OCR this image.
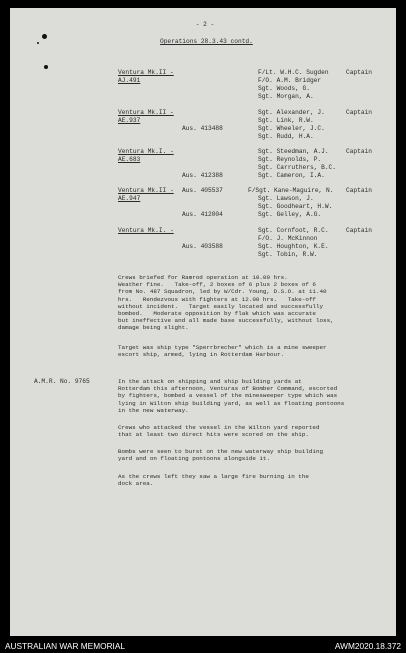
- 2 -
Operations 28.3.43 contd.
Ventura Mk.II -
AJ.491
F/Lt. W.H.C. Sugden
F/O. A.M. Bridger
Sgt. Woods, G.
Sgt. Morgan, A.
Captain
Ventura Mk.II -
AE.937
Aus. 413488
Sgt. Alexander, J.
Sgt. Link, R.W.
Sgt. Wheeler, J.C.
Sgt. Rudd, H.A.
Captain
Ventura Mk.I. -
AE.683
Aus. 412388
Sgt. Steedman, A.J.
Sgt. Reynolds, P.
Sgt. Carruthers, B.C.
Sgt. Cameron, I.A.
Captain
Ventura Mk.II -
AE.947
Aus. 405537
Aus. 412004
F/Sgt. Kane-Maguire, N.
Sgt. Lawson, J.
Sgt. Goodheart, H.W.
Sgt. Gelley, A.G.
Captain
Ventura Mk.I. -
Aus. 403588
Sgt. Cornfoot, R.C.
F/O. J. McKinnon
Sgt. Houghton, K.E.
Sgt. Tobin, R.W.
Captain
Crews briefed for Ramrod operation at 10.00 hrs.
Weather fine.   Take-off, 2 boxes of 6 plus 2 boxes of 6
from No. 487 Squadron, led by W/Cdr. Young, D.S.O. at 11.40
hrs.   Rendezvous with fighters at 12.00 hrs.   Take-off
without incident.   Target easily located and successfully
bombed.   Moderate opposition by flak which was accurate
but ineffective and all made base successfully, without loss,
damage being slight.
Target was ship type "Sperrbrecher" which is a mine sweeper
escort ship, armed, lying in Rotterdam Harbour.
A.M.R. No. 9765	In the attack on shipping and ship building yards at
Rotterdam this afternoon, Venturas of Bomber Command, escorted
by fighters, bombed a vessel of the minesweeper type which was
lying in Wilton ship building yard, as well as floating pontoons
in the new waterway.
Crews who attacked the vessel in the Wilton yard reported
that at least two direct hits were scored on the ship.
Bombs were seen to burst on the new waterway ship building
yard and on floating pontoons alongside it.
As the crews left they saw a large fire burning in the
dock area.
AUSTRALIAN WAR MEMORIAL	AWM2020.18.372
